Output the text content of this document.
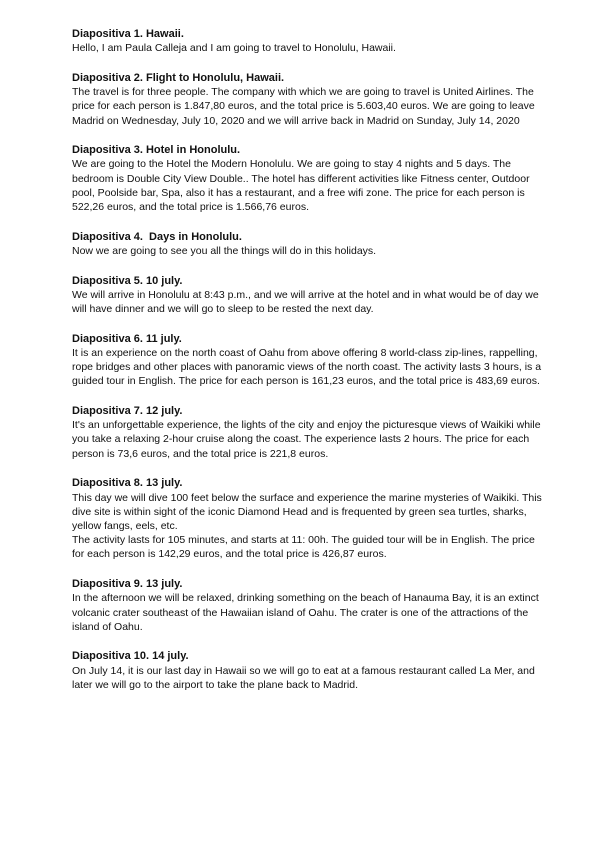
Diapositiva 1. Hawaii.

Hello, I am Paula Calleja and I am going to travel to Honolulu, Hawaii.

Diapositiva 2. Flight to Honolulu, Hawaii.

The travel is for three people. The company with which we are going to travel is United Airlines. The price for each person is 1.847,80 euros, and the total price is 5.603,40 euros. We are going to leave Madrid on Wednesday, July 10, 2020 and we will arrive back in Madrid on Sunday, July 14, 2020

Diapositiva 3. Hotel in Honolulu.

We are going to the Hotel the Modern Honolulu. We are going to stay 4 nights and 5 days. The bedroom is Double City View Double.. The hotel has different activities like Fitness center, Outdoor pool, Poolside bar, Spa, also it has a restaurant, and a free wifi zone. The price for each person is 522,26 euros, and the total price is 1.566,76 euros.

Diapositiva 4.  Days in Honolulu.

Now we are going to see you all the things will do in this holidays.

Diapositiva 5. 10 july.

We will arrive in Honolulu at 8:43 p.m., and we will arrive at the hotel and in what would be of day we will have dinner and we will go to sleep to be rested the next day.

Diapositiva 6. 11 july.

It is an experience on the north coast of Oahu from above offering 8 world-class zip-lines, rappelling, rope bridges and other places with panoramic views of the north coast. The activity lasts 3 hours, is a guided tour in English. The price for each person is 161,23 euros, and the total price is 483,69 euros.

Diapositiva 7. 12 july.

It's an unforgettable experience, the lights of the city and enjoy the picturesque views of Waikiki while you take a relaxing 2-hour cruise along the coast. The experience lasts 2 hours. The price for each person is 73,6 euros, and the total price is 221,8 euros.

Diapositiva 8. 13 july.

This day we will dive 100 feet below the surface and experience the marine mysteries of Waikiki. This dive site is within sight of the iconic Diamond Head and is frequented by green sea turtles, sharks, yellow fangs, eels, etc.

The activity lasts for 105 minutes, and starts at 11: 00h. The guided tour will be in English. The price for each person is 142,29 euros, and the total price is 426,87 euros.

Diapositiva 9. 13 july.

In the afternoon we will be relaxed, drinking something on the beach of Hanauma Bay, it is an extinct volcanic crater southeast of the Hawaiian island of Oahu. The crater is one of the attractions of the island of Oahu.

Diapositiva 10. 14 july.

On July 14, it is our last day in Hawaii so we will go to eat at a famous restaurant called La Mer, and later we will go to the airport to take the plane back to Madrid.
